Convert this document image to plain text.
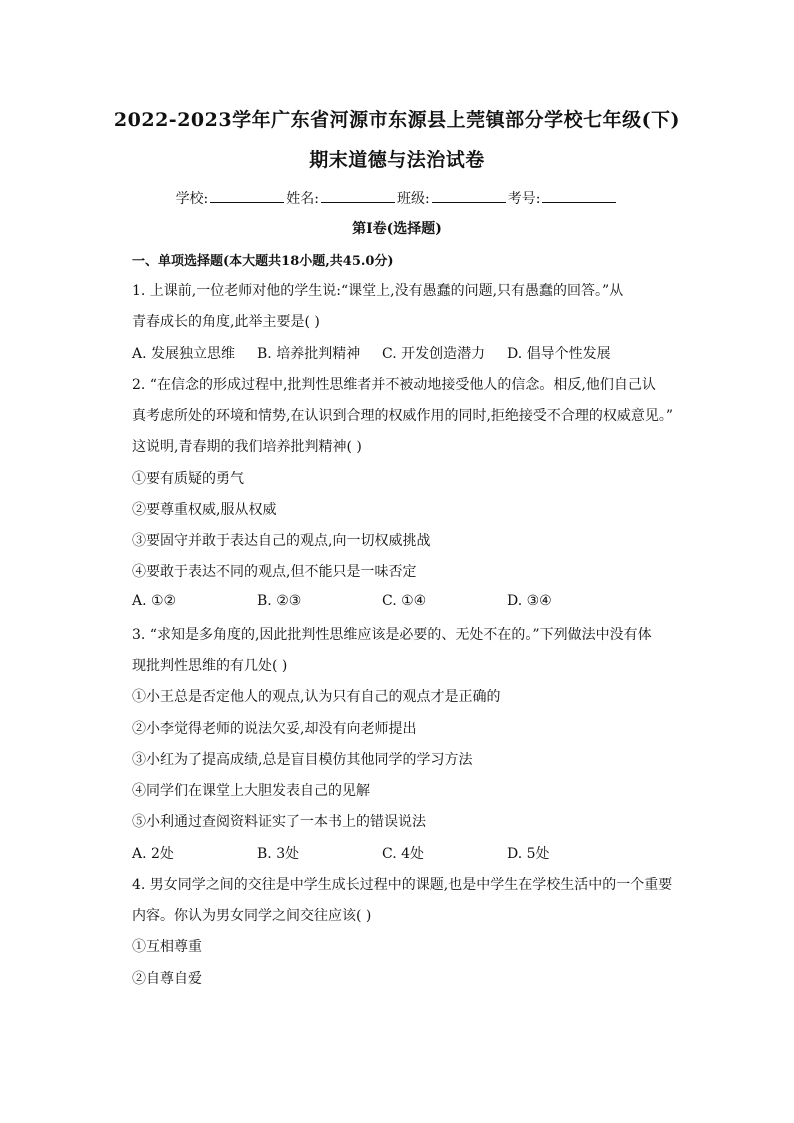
2022-2023学年广东省河源市东源县上莞镇部分学校七年级(下)
期末道德与法治试卷
学校:	姓名:	班级:	考号:
第I卷(选择题)
一、单项选择题(本大题共18小题,共45.0分)
1. 上课前,一位老师对他的学生说:“课堂上,没有愚蠢的问题,只有愚蠢的回答。”从
青春成长的角度,此举主要是( )
A. 发展独立思维 B. 培养批判精神 C. 开发创造潜力 D. 倡导个性发展
2. “在信念的形成过程中,批判性思维者并不被动地接受他人的信念。相反,他们自己认
真考虑所处的环境和情势,在认识到合理的权威作用的同时,拒绝接受不合理的权威意见。”
这说明,青春期的我们培养批判精神( )
①要有质疑的勇气
②要尊重权威,服从权威
③要固守并敢于表达自己的观点,向一切权威挑战
④要敢于表达不同的观点,但不能只是一味否定
A. ①②	B. ②③	C. ①④	D. ③④
3. “求知是多角度的,因此批判性思维应该是必要的、无处不在的。”下列做法中没有体
现批判性思维的有几处( )
①小王总是否定他人的观点,认为只有自己的观点才是正确的
②小李觉得老师的说法欠妥,却没有向老师提出
③小红为了提高成绩,总是盲目模仿其他同学的学习方法
④同学们在课堂上大胆发表自己的见解
⑤小利通过查阅资料证实了一本书上的错误说法
A. 2处	B. 3处	C. 4处	D. 5处
4. 男女同学之间的交往是中学生成长过程中的课题,也是中学生在学校生活中的一个重要
内容。你认为男女同学之间交往应该( )
①互相尊重
②自尊自爱
